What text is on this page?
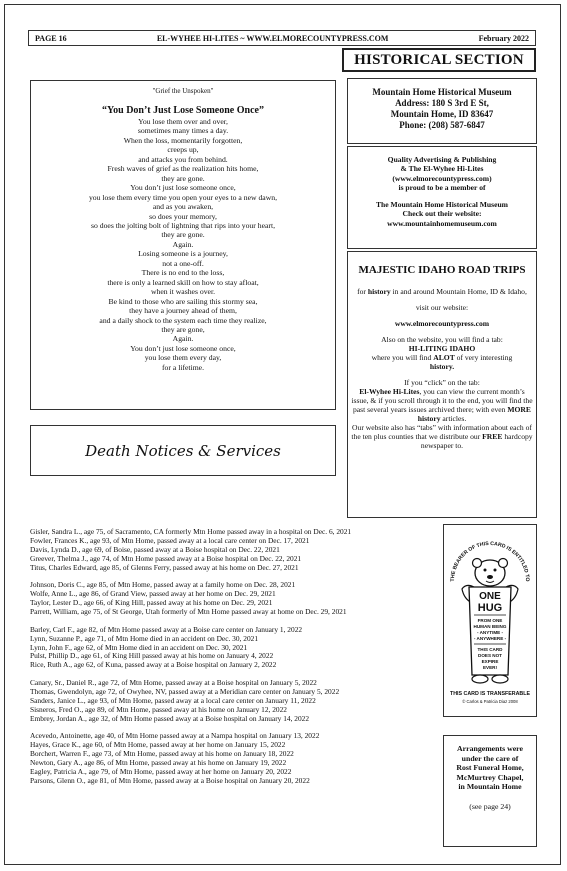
PAGE 16	EL-WYHEE HI-LITES ~ WWW.ELMORECOUNTYPRESS.COM	February 2022
HISTORICAL SECTION
"Grief the Unspoken"
“You Don’t Just Lose Someone Once”
You lose them over and over,
sometimes many times a day.
When the loss, momentarily forgotten,
creeps up,
and attacks you from behind.
Fresh waves of grief as the realization hits home,
they are gone.
You don’t just lose someone once,
you lose them every time you open your eyes to a new dawn,
and as you awaken,
so does your memory,
so does the jolting bolt of lightning that rips into your heart,
they are gone.
Again.
Losing someone is a journey,
not a one-off.
There is no end to the loss,
there is only a learned skill on how to stay afloat,
when it washes over.
Be kind to those who are sailing this stormy sea,
they have a journey ahead of them,
and a daily shock to the system each time they realize,
they are gone,
Again.
You don’t just lose someone once,
you lose them every day,
for a lifetime.
Mountain Home Historical Museum
Address: 180 S 3rd E St,
Mountain Home, ID 83647
Phone: (208) 587-6847
Quality Advertising & Publishing
& The El-Wyhee Hi-Lites
(www.elmorecountypress.com)
is proud to be a member of
The Mountain Home Historical Museum
Check out their website:
www.mountainhomemuseum.com
MAJESTIC IDAHO ROAD TRIPS

for history in and around Mountain Home, ID & Idaho,

visit our website:

www.elmorecountypress.com

Also on the website, you will find a tab:
HI-LITING IDAHO
where you will find ALOT of very interesting
history.

If you “click” on the tab:
El-Wyhee Hi-Lites, you can view the current month’s issue, & if you scroll through it to the end, you will find the past several years issues archived there; with even MORE history articles.
Our website also has “tabs” with information about each of the ten plus counties that we distribute our FREE hardcopy newspaper to.

Death Notices & Services
Gisler, Sandra L., age 75, of Sacramento, CA formerly Mtn Home passed away in a hospital on Dec. 6, 2021
Fowler, Frances K., age 93, of Mtn Home, passed away at a local care center on Dec. 17, 2021
Davis, Lynda D., age 69, of Boise, passed away at a Boise hospital on Dec. 22, 2021
Greever, Thelma J., age 74, of Mtn Home passed away at a Boise hospital on Dec. 22, 2021
Titus, Charles Edward, age 85, of Glenns Ferry, passed away at his home on Dec. 27, 2021
Johnson, Doris C., age 85, of Mtn Home, passed away at a family home on Dec. 28, 2021
Wolfe, Anne L., age 86, of Grand View, passed away at her home on Dec. 29, 2021
Taylor, Lester D., age 66, of King Hill, passed away at his home on Dec. 29, 2021
Parrett, William, age 75, of St George, Utah formerly of Mtn Home passed away at home on Dec. 29, 2021
Barley, Carl F., age 82, of Mtn Home passed away at a Boise care center on January 1, 2022
Lynn, Suzanne P., age 71, of Mtn Home died in an accident on Dec. 30, 2021
Lynn, John F., age 62, of Mtn Home died in an accident on Dec. 30, 2021
Pulst, Phillip D., age 61, of King Hill passed away at his home on January 4, 2022
Rice, Ruth A., age 62, of Kuna, passed away at a Boise hospital on January 2, 2022
Canary, Sr., Daniel R., age 72, of Mtn Home, passed away at a Boise hospital on January 5, 2022
Thomas, Gwendolyn, age 72, of Owyhee, NV, passed away at a Meridian care center on January 5, 2022
Sanders, Janice L., age 93, of Mtn Home, passed away at a local care center on January 11, 2022
Sisneros, Fred O., age 89, of Mtn Home, passed away at his home on January 12, 2022
Embrey, Jordan A., age 32, of Mtn Home passed away at a Boise hospital on January 14, 2022
Acevedo, Antoinette, age 40, of Mtn Home passed away at a Nampa hospital on January 13, 2022
Hayes, Grace K., age 60, of Mtn Home, passed away at her home on January 15, 2022
Borchert, Warren F., age 73, of Mtn Home, passed away at his home on January 18, 2022
Newton, Gary A., age 86, of Mtn Home, passed away at his home on January 19, 2022
Eagley, Patricia A., age 79, of Mtn Home, passed away at her home on January 20, 2022
Parsons, Glenn O., age 81, of Mtn Home, passed away at a Boise hospital on January 20, 2022
THE BEARER OF THIS CARD IS ENTITLED TO
ONE
HUG
FROM ONE
HUMAN BEING
- ANYTIME -
- ANYWHERE -
THIS CARD
DOES NOT
EXPIRE
EVER!
THIS CARD IS TRANSFERABLE
© Carlos & Patricia Diaz 2008
Arrangements were
under the care of
Rost Funeral Home,
McMurtrey Chapel,
in Mountain Home
(see page 24)
